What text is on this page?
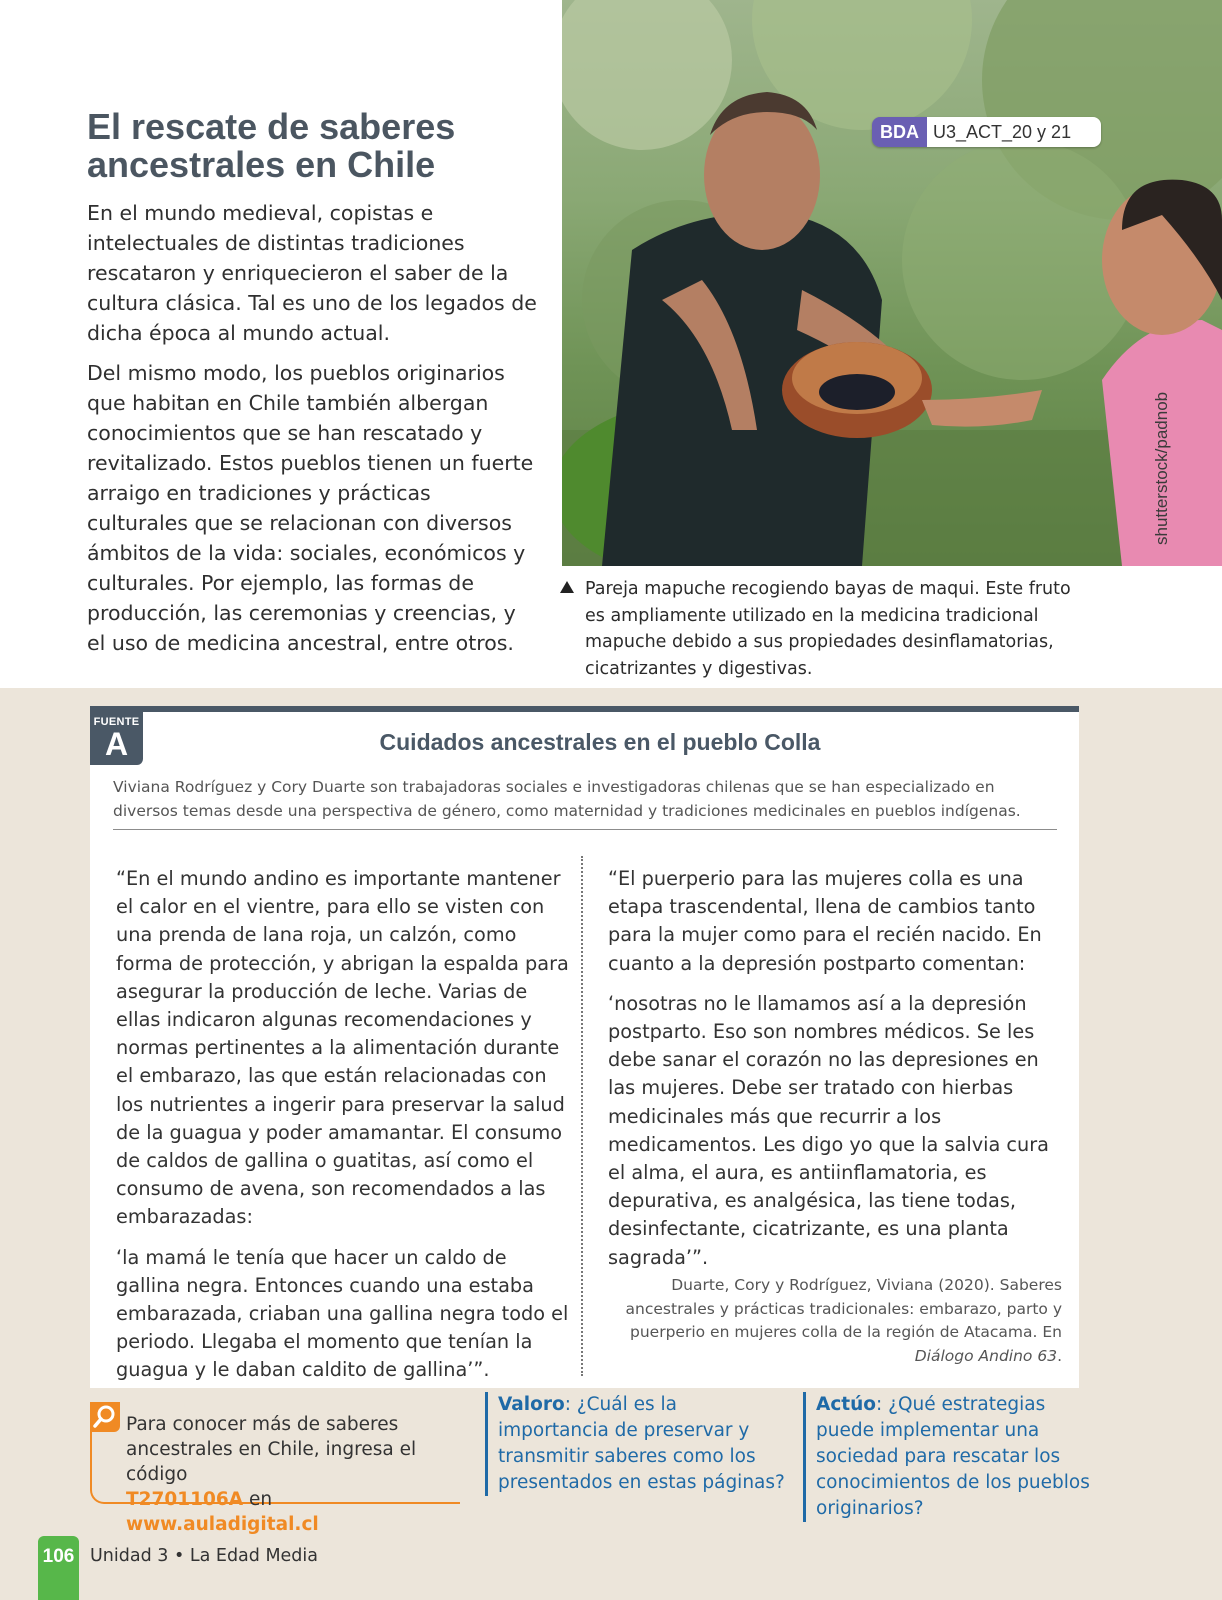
El rescate de saberes
ancestrales en Chile

En el mundo medieval, copistas e intelectuales de distintas tradiciones rescataron y enriquecieron el saber de la cultura clásica. Tal es uno de los legados de dicha época al mundo actual.

Del mismo modo, los pueblos originarios que habitan en Chile también albergan conocimientos que se han rescatado y revitalizado. Estos pueblos tienen un fuerte arraigo en tradiciones y prácticas culturales que se relacionan con diversos ámbitos de la vida: sociales, económicos y culturales. Por ejemplo, las formas de producción, las ceremonias y creencias, y el uso de medicina ancestral, entre otros.

BDA U3_ACT_20 y 21
shutterstock/padnob
Pareja mapuche recogiendo bayas de maqui. Este fruto es ampliamente utilizado en la medicina tradicional mapuche debido a sus propiedades desinflamatorias, cicatrizantes y digestivas.
FUENTE
A	Cuidados ancestrales en el pueblo Colla
Viviana Rodríguez y Cory Duarte son trabajadoras sociales e investigadoras chilenas que se han especializado en diversos temas desde una perspectiva de género, como maternidad y tradiciones medicinales en pueblos indígenas.

“En el mundo andino es importante mantener el calor en el vientre, para ello se visten con una prenda de lana roja, un calzón, como forma de protección, y abrigan la espalda para asegurar la producción de leche. Varias de ellas indicaron algunas recomendaciones y normas pertinentes a la alimentación durante el embarazo, las que están relacionadas con los nutrientes a ingerir para preservar la salud de la guagua y poder amamantar. El consumo de caldos de gallina o guatitas, así como el consumo de avena, son recomendados a las embarazadas:

‘la mamá le tenía que hacer un caldo de gallina negra. Entonces cuando una estaba embarazada, criaban una gallina negra todo el periodo. Llegaba el momento que tenían la guagua y le daban caldito de gallina’”.

“El puerperio para las mujeres colla es una etapa trascendental, llena de cambios tanto para la mujer como para el recién nacido. En cuanto a la depresión postparto comentan:

‘nosotras no le llamamos así a la depresión postparto. Eso son nombres médicos. Se les debe sanar el corazón no las depresiones en las mujeres. Debe ser tratado con hierbas medicinales más que recurrir a los medicamentos. Les digo yo que la salvia cura el alma, el aura, es antiinflamatoria, es depurativa, es analgésica, las tiene todas, desinfectante, cicatrizante, es una planta sagrada’”.

Duarte, Cory y Rodríguez, Viviana (2020). Saberes ancestrales y prácticas tradicionales: embarazo, parto y puerperio en mujeres colla de la región de Atacama. En Diálogo Andino 63.
Para conocer más de saberes ancestrales en Chile, ingresa el código
T2701106A en www.auladigital.cl
Valoro: ¿Cuál es la importancia de preservar y transmitir saberes como los presentados en estas páginas?
Actúo: ¿Qué estrategias puede implementar una sociedad para rescatar los conocimientos de los pueblos originarios?
106 Unidad 3 • La Edad Media
